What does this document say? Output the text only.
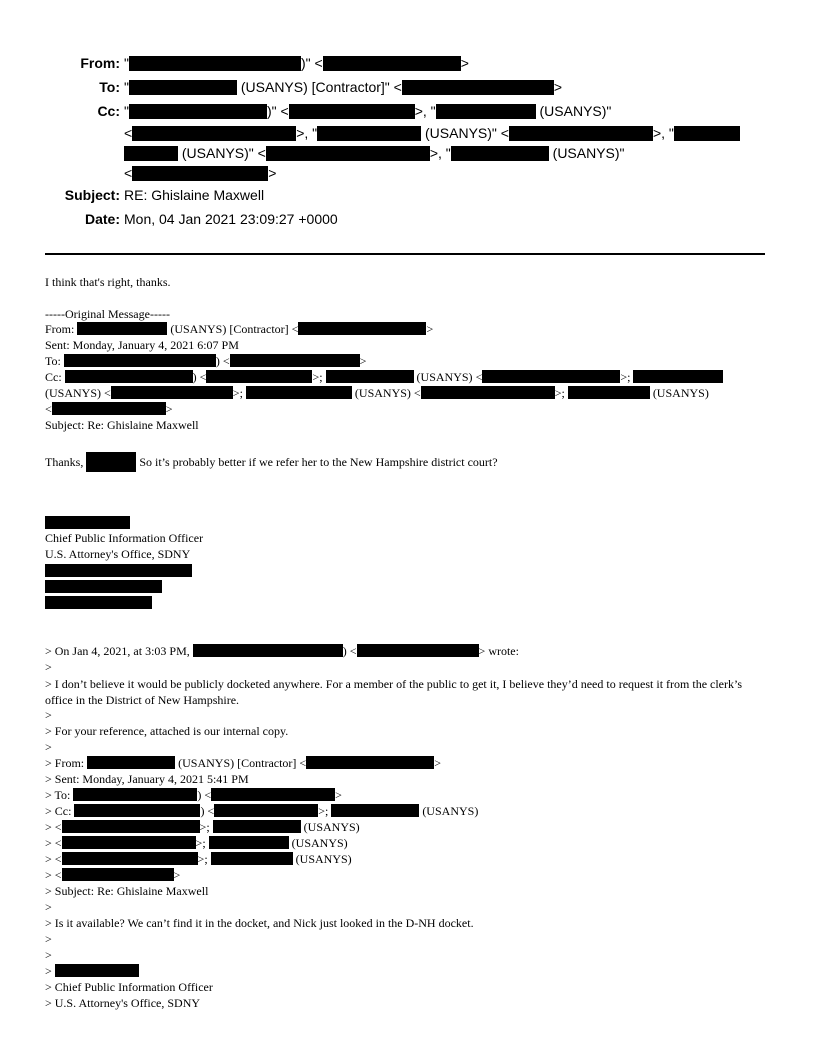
From: "	)" <	>
To: "	(USANYS) [Contractor]" <	>
Cc: "	)" <	>, "	(USANYS)"
<	>, "	(USANYS)" <	>, "
(USANYS)" <	>, "	(USANYS)"
<	>
Subject: RE: Ghislaine Maxwell
Date: Mon, 04 Jan 2021 23:09:27 +0000
I think that's right, thanks.
-----Original Message-----
From:	(USANYS) [Contractor] <	>
Sent: Monday, January 4, 2021 6:07 PM
To:	) <	>
Cc:	) <	>;	(USANYS) <	>;
(USANYS) <	>;	(USANYS) <	>;	(USANYS)
<	>
Subject: Re: Ghislaine Maxwell
Thanks,	So it’s probably better if we refer her to the New Hampshire district court?
Chief Public Information Officer
U.S. Attorney's Office, SDNY
> On Jan 4, 2021, at 3:03 PM,	) <	> wrote:
>
> I don’t believe it would be publicly docketed anywhere. For a member of the public to get it, I believe they’d need to request it from the clerk’s office in the District of New Hampshire.
>
> For your reference, attached is our internal copy.
>
> From:	(USANYS) [Contractor] <	>
> Sent: Monday, January 4, 2021 5:41 PM
> To:	) <	>
> Cc:	) <	>;	(USANYS)
> <	>;	(USANYS)
> <	>;	(USANYS)
> <	>;	(USANYS)
> <	>
> Subject: Re: Ghislaine Maxwell
>
> Is it available? We can’t find it in the docket, and Nick just looked in the D-NH docket.
>
>
>
> Chief Public Information Officer
> U.S. Attorney's Office, SDNY
